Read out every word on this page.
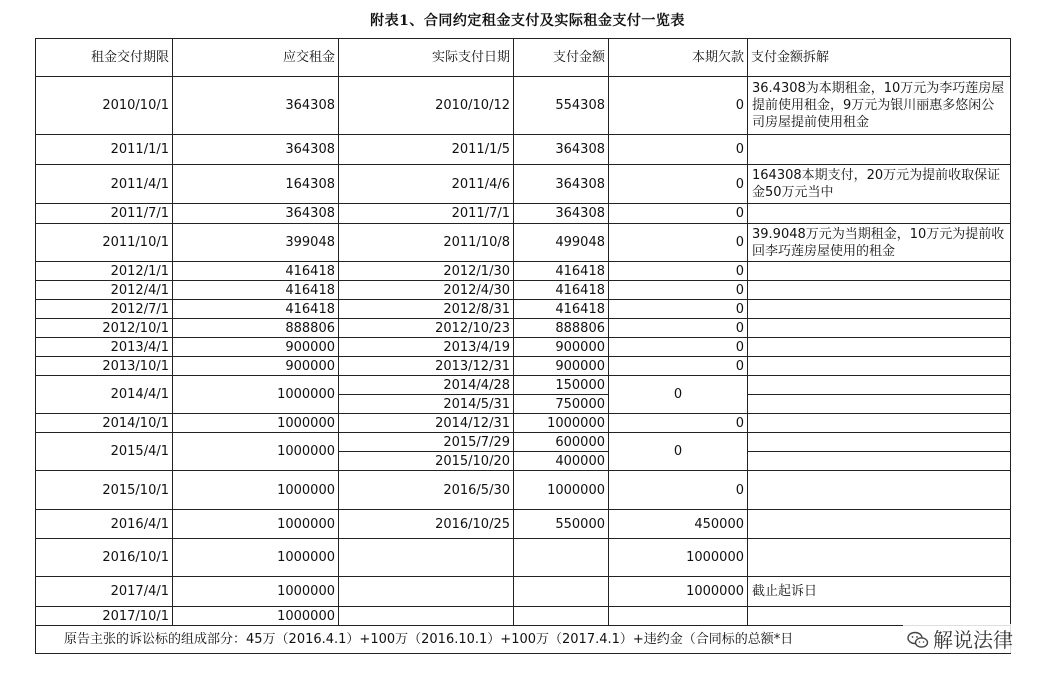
附表1、合同约定租金支付及实际租金支付一览表
租金交付期限	应交租金	实际支付日期	支付金额	本期欠款	支付金额拆解
2010/10/1	364308	2010/10/12	554308	0	36.4308为本期租金，10万元为李巧莲房屋提前使用租金，9万元为银川丽惠多悠闲公司房屋提前使用租金
2011/1/1	364308	2011/1/5	364308	0	
2011/4/1	164308	2011/4/6	364308	0	164308本期支付，20万元为提前收取保证金50万元当中
2011/7/1	364308	2011/7/1	364308	0	
2011/10/1	399048	2011/10/8	499048	0	39.9048万元为当期租金，10万元为提前收回李巧莲房屋使用的租金
2012/1/1	416418	2012/1/30	416418	0	
2012/4/1	416418	2012/4/30	416418	0	
2012/7/1	416418	2012/8/31	416418	0	
2012/10/1	888806	2012/10/23	888806	0	
2013/4/1	900000	2013/4/19	900000	0	
2013/10/1	900000	2013/12/31	900000	0	
2014/4/1	1000000	2014/4/28	150000	0	
		2014/5/31	750000		
2014/10/1	1000000	2014/12/31	1000000	0	
2015/4/1	1000000	2015/7/29	600000	0	
		2015/10/20	400000		
2015/10/1	1000000	2016/5/30	1000000	0	
2016/4/1	1000000	2016/10/25	550000	450000	
2016/10/1	1000000			1000000	
2017/4/1	1000000			1000000	截止起诉日
2017/10/1	1000000				
原告主张的诉讼标的组成部分：45万（2016.4.1）+100万（2016.10.1）+100万（2017.4.1）+违约金（合同标的总额*日						解说法律
